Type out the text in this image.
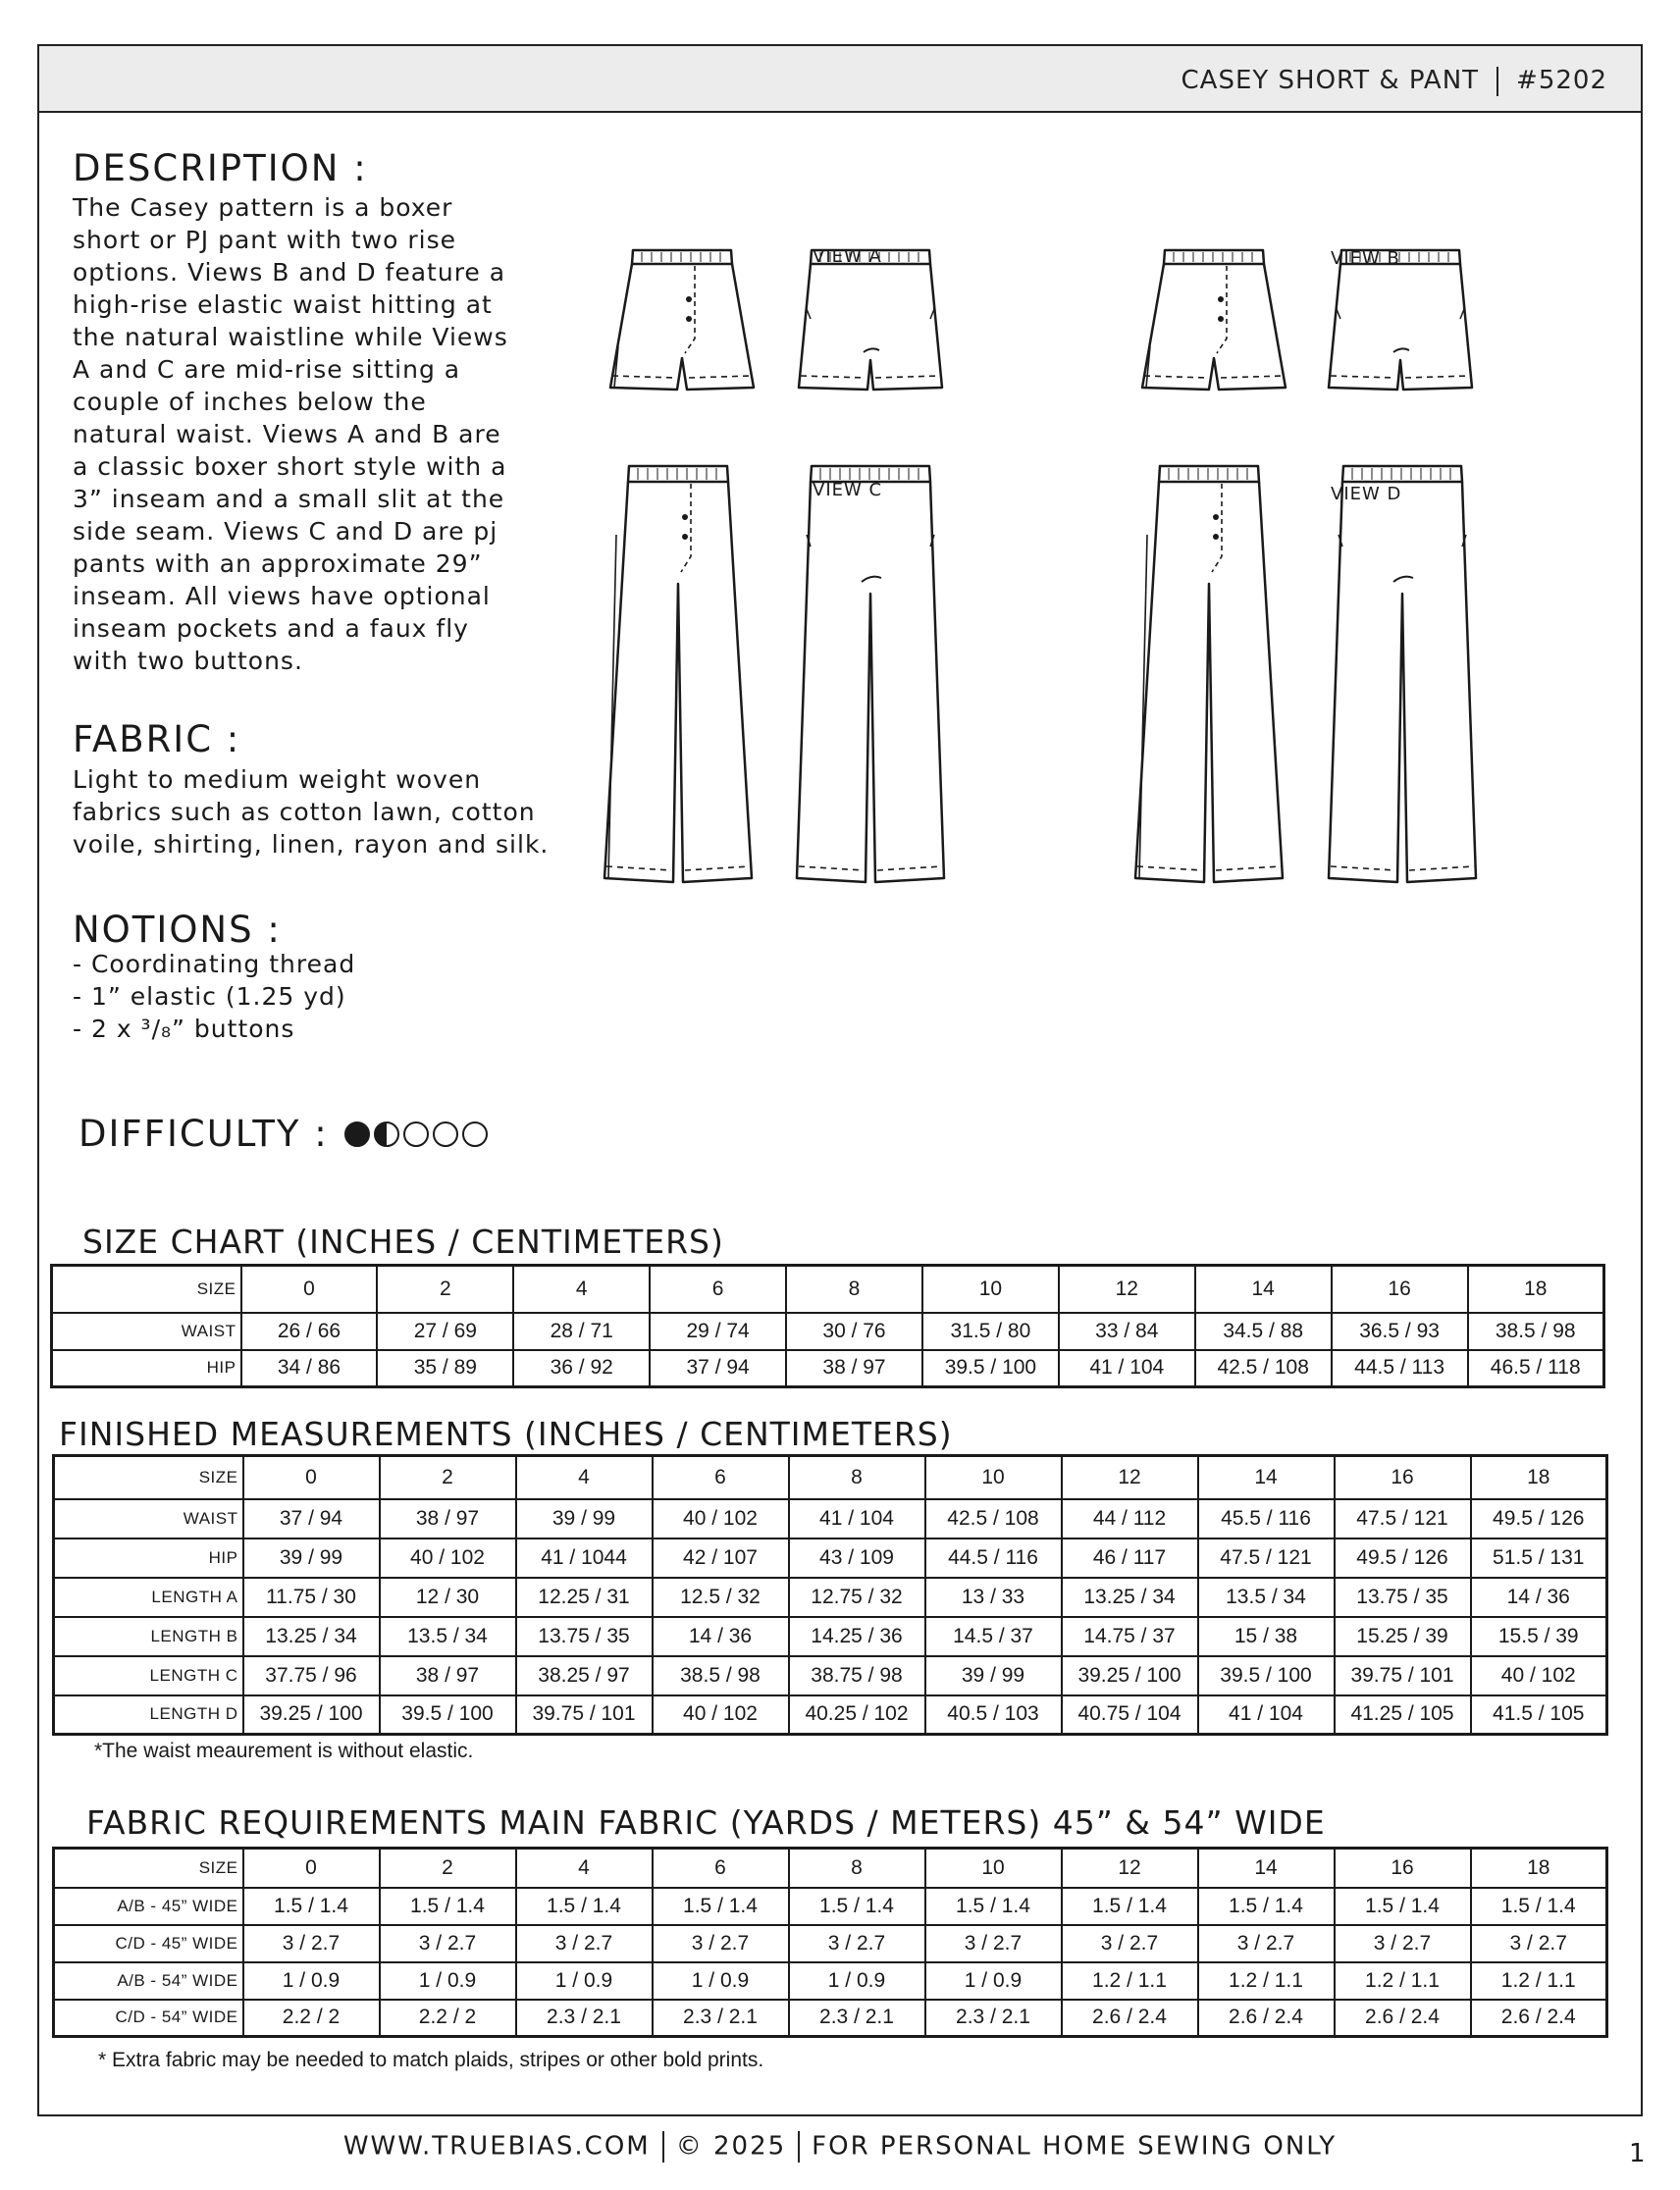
CASEY SHORT & PANT #5202
DESCRIPTION :
The Casey pattern is a boxer
short or PJ pant with two rise
options. Views B and D feature a
high-rise elastic waist hitting at
the natural waistline while Views
A and C are mid-rise sitting a
couple of inches below the
natural waist. Views A and B are
a classic boxer short style with a
3” inseam and a small slit at the
side seam. Views C and D are pj
pants with an approximate 29”
inseam. All views have optional
inseam pockets and a faux fly
with two buttons.
FABRIC :
Light to medium weight woven
fabrics such as cotton lawn, cotton
voile, shirting, linen, rayon and silk.
NOTIONS :
- Coordinating thread
- 1” elastic (1.25 yd)
- 2 x ³/₈” buttons
DIFFICULTY :
VIEW A	VIEW B
VIEW C	VIEW D
SIZE CHART (INCHES / CENTIMETERS)
SIZE	0	2	4	6	8	10	12	14	16	18
WAIST	26 / 66	27 / 69	28 / 71	29 / 74	30 / 76	31.5 / 80	33 / 84	34.5 / 88	36.5 / 93	38.5 / 98
HIP	34 / 86	35 / 89	36 / 92	37 / 94	38 / 97	39.5 / 100	41 / 104	42.5 / 108	44.5 / 113	46.5 / 118
FINISHED MEASUREMENTS (INCHES / CENTIMETERS)
SIZE	0	2	4	6	8	10	12	14	16	18
WAIST	37 / 94	38 / 97	39 / 99	40 / 102	41 / 104	42.5 / 108	44 / 112	45.5 / 116	47.5 / 121	49.5 / 126
HIP	39 / 99	40 / 102	41 / 1044	42 / 107	43 / 109	44.5 / 116	46 / 117	47.5 / 121	49.5 / 126	51.5 / 131
LENGTH A	11.75 / 30	12 / 30	12.25 / 31	12.5 / 32	12.75 / 32	13 / 33	13.25 / 34	13.5 / 34	13.75 / 35	14 / 36
LENGTH B	13.25 / 34	13.5 / 34	13.75 / 35	14 / 36	14.25 / 36	14.5 / 37	14.75 / 37	15 / 38	15.25 / 39	15.5 / 39
LENGTH C	37.75 / 96	38 / 97	38.25 / 97	38.5 / 98	38.75 / 98	39 / 99	39.25 / 100	39.5 / 100	39.75 / 101	40 / 102
LENGTH D	39.25 / 100	39.5 / 100	39.75 / 101	40 / 102	40.25 / 102	40.5 / 103	40.75 / 104	41 / 104	41.25 / 105	41.5 / 105
*The waist meaurement is without elastic.
FABRIC REQUIREMENTS MAIN FABRIC (YARDS / METERS) 45” & 54” WIDE
SIZE	0	2	4	6	8	10	12	14	16	18
A/B - 45” WIDE	1.5 / 1.4	1.5 / 1.4	1.5 / 1.4	1.5 / 1.4	1.5 / 1.4	1.5 / 1.4	1.5 / 1.4	1.5 / 1.4	1.5 / 1.4	1.5 / 1.4
C/D - 45” WIDE	3 / 2.7	3 / 2.7	3 / 2.7	3 / 2.7	3 / 2.7	3 / 2.7	3 / 2.7	3 / 2.7	3 / 2.7	3 / 2.7
A/B - 54” WIDE	1 / 0.9	1 / 0.9	1 / 0.9	1 / 0.9	1 / 0.9	1 / 0.9	1.2 / 1.1	1.2 / 1.1	1.2 / 1.1	1.2 / 1.1
C/D - 54” WIDE	2.2 / 2	2.2 / 2	2.3 / 2.1	2.3 / 2.1	2.3 / 2.1	2.3 / 2.1	2.6 / 2.4	2.6 / 2.4	2.6 / 2.4	2.6 / 2.4
* Extra fabric may be needed to match plaids, stripes or other bold prints.
WWW.TRUEBIAS.COM © 2025 FOR PERSONAL HOME SEWING ONLY	1
